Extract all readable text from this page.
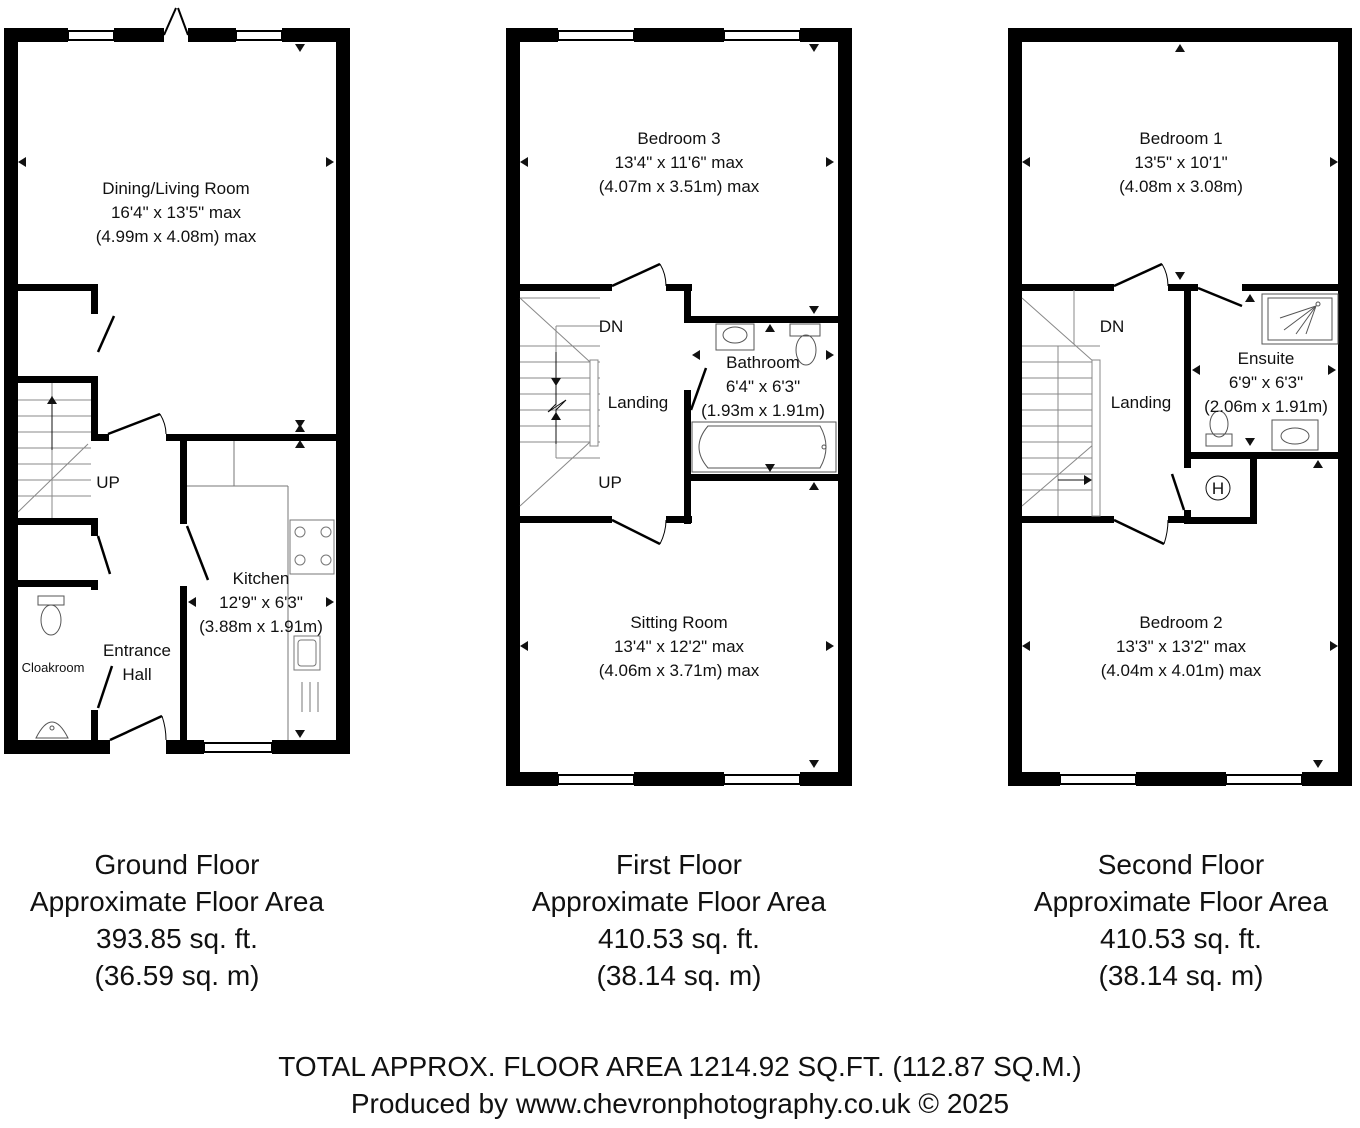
Dining/Living Room
16'4" x 13'5" max
(4.99m x 4.08m) max
Kitchen
12'9" x 6'3"
(3.88m x 1.91m)
Entrance
Hall
Cloakroom
UP
Bedroom 3
13'4" x 11'6" max
(4.07m x 3.51m) max
Bathroom
6'4" x 6'3"
(1.93m x 1.91m)
Landing
DN
UP
Sitting Room
13'4" x 12'2" max
(4.06m x 3.71m) max
Bedroom 1
13'5" x 10'1"
(4.08m x 3.08m)
Ensuite
6'9" x 6'3"
(2.06m x 1.91m)
Landing
DN
H
Bedroom 2
13'3" x 13'2" max
(4.04m x 4.01m) max
Ground Floor
Approximate Floor Area
393.85 sq. ft.
(36.59 sq. m)
First Floor
Approximate Floor Area
410.53 sq. ft.
(38.14 sq. m)
Second Floor
Approximate Floor Area
410.53 sq. ft.
(38.14 sq. m)
TOTAL APPROX. FLOOR AREA 1214.92 SQ.FT. (112.87 SQ.M.)
Produced by www.chevronphotography.co.uk © 2025
